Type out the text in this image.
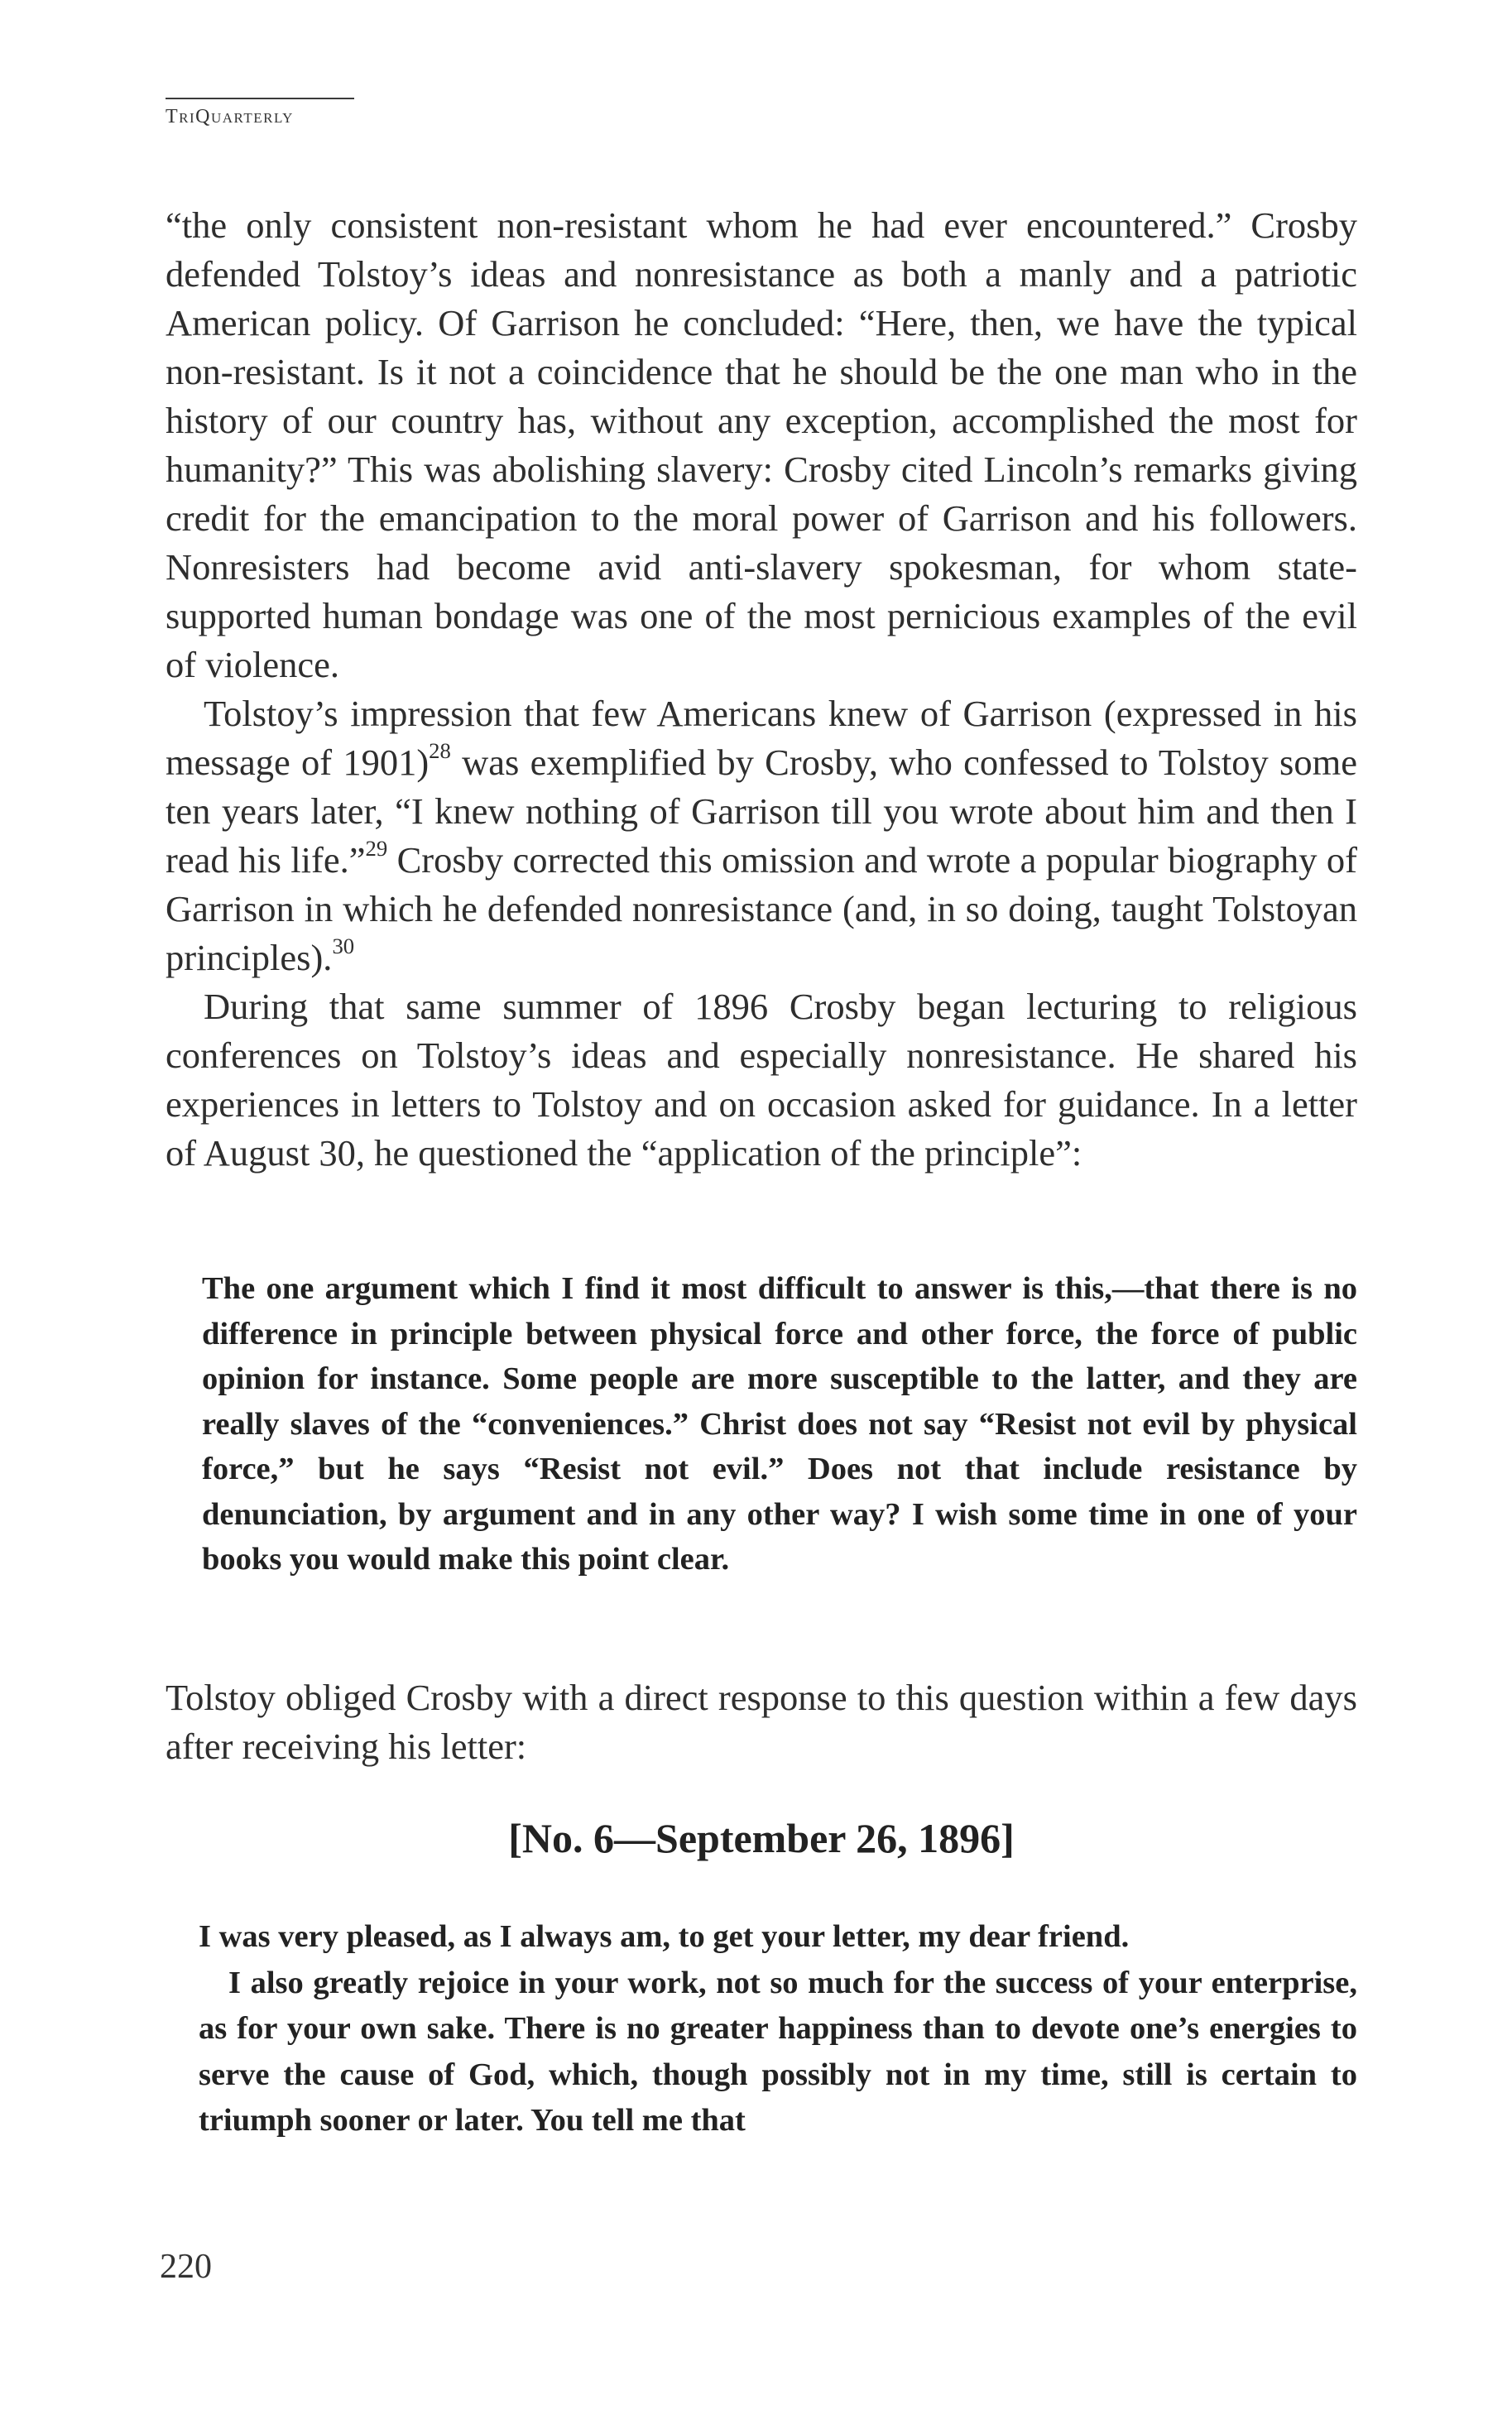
TriQuarterly

“the only consistent non-resistant whom he had ever encountered.” Crosby defended Tolstoy’s ideas and nonresistance as both a manly and a patriotic American policy. Of Garrison he concluded: “Here, then, we have the typical non-resistant. Is it not a coincidence that he should be the one man who in the history of our country has, without any exception, accomplished the most for humanity?” This was abolishing slavery: Crosby cited Lincoln’s remarks giving credit for the emancipation to the moral power of Garrison and his followers. Nonresisters had become avid anti-slavery spokesman, for whom state-supported human bondage was one of the most pernicious examples of the evil of violence.

Tolstoy’s impression that few Americans knew of Garrison (expressed in his message of 1901)$^{28}$ was exemplified by Crosby, who confessed to Tolstoy some ten years later, “I knew nothing of Garrison till you wrote about him and then I read his life.”$^{29}$ Crosby corrected this omission and wrote a popular biography of Garrison in which he defended nonresistance (and, in so doing, taught Tolstoyan principles).$^{30}$

During that same summer of 1896 Crosby began lecturing to religious conferences on Tolstoy’s ideas and especially nonresistance. He shared his experiences in letters to Tolstoy and on occasion asked for guidance. In a letter of August 30, he questioned the “application of the principle”:

The one argument which I find it most difficult to answer is this,—that there is no difference in principle between physical force and other force, the force of public opinion for instance. Some people are more susceptible to the latter, and they are really slaves of the “conveniences.” Christ does not say “Resist not evil by physical force,” but he says “Resist not evil.” Does not that include resistance by denunciation, by argument and in any other way? I wish some time in one of your books you would make this point clear.

Tolstoy obliged Crosby with a direct response to this question within a few days after receiving his letter:

[No. 6—September 26, 1896]

I was very pleased, as I always am, to get your letter, my dear friend.

I also greatly rejoice in your work, not so much for the success of your enterprise, as for your own sake. There is no greater happiness than to devote one’s energies to serve the cause of God, which, though possibly not in my time, still is certain to triumph sooner or later. You tell me that

220
